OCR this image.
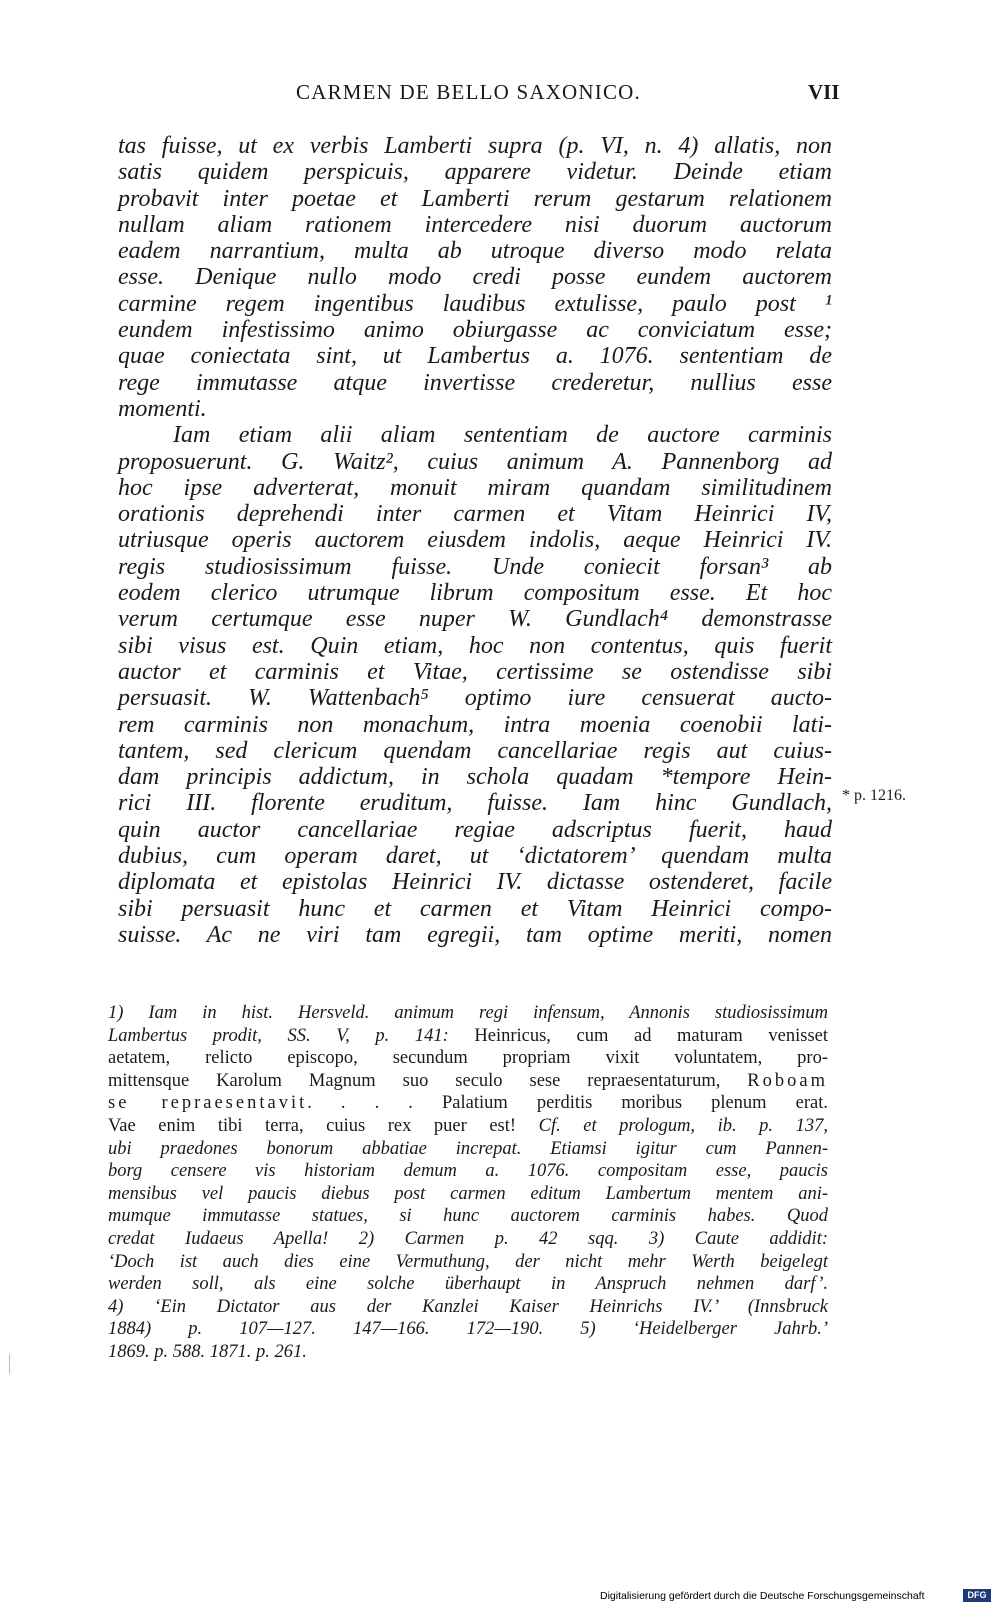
CARMEN DE BELLO SAXONICO.	VII
tas fuisse, ut ex verbis Lamberti supra (p. VI, n. 4) allatis, non
satis quidem perspicuis, apparere videtur. Deinde etiam
probavit inter poetae et Lamberti rerum gestarum relationem
nullam aliam rationem intercedere nisi duorum auctorum
eadem narrantium, multa ab utroque diverso modo relata
esse. Denique nullo modo credi posse eundem auctorem
carmine regem ingentibus laudibus extulisse, paulo post ¹
eundem infestissimo animo obiurgasse ac conviciatum esse;
quae coniectata sint, ut Lambertus a. 1076. sententiam de
rege immutasse atque invertisse crederetur, nullius esse
momenti.
Iam etiam alii aliam sententiam de auctore carminis
proposuerunt. G. Waitz², cuius animum A. Pannenborg ad
hoc ipse adverterat, monuit miram quandam similitudinem
orationis deprehendi inter carmen et Vitam Heinrici IV,
utriusque operis auctorem eiusdem indolis, aeque Heinrici IV.
regis studiosissimum fuisse. Unde coniecit forsan³ ab
eodem clerico utrumque librum compositum esse. Et hoc
verum certumque esse nuper W. Gundlach⁴ demonstrasse
sibi visus est. Quin etiam, hoc non contentus, quis fuerit
auctor et carminis et Vitae, certissime se ostendisse sibi
persuasit. W. Wattenbach⁵ optimo iure censuerat aucto-
rem carminis non monachum, intra moenia coenobii lati-
tantem, sed clericum quendam cancellariae regis aut cuius-
dam principis addictum, in schola quadam *tempore Hein-
rici III. florente eruditum, fuisse. Iam hinc Gundlach,
quin auctor cancellariae regiae adscriptus fuerit, haud
dubius, cum operam daret, ut ‘dictatorem’ quendam multa
diplomata et epistolas Heinrici IV. dictasse ostenderet, facile
sibi persuasit hunc et carmen et Vitam Heinrici compo-
suisse. Ac ne viri tam egregii, tam optime meriti, nomen
* p. 1216.
1) Iam in hist. Hersveld. animum regi infensum, Annonis studiosissimum
Lambertus prodit, SS. V, p. 141: Heinricus, cum ad maturam venisset
aetatem, relicto episcopo, secundum propriam vixit voluntatem, pro-
mittensque Karolum Magnum suo seculo sese repraesentaturum, Roboam
se repraesentavit. . . . Palatium perditis moribus plenum erat.
Vae enim tibi terra, cuius rex puer est! Cf. et prologum, ib. p. 137,
ubi praedones bonorum abbatiae increpat. Etiamsi igitur cum Pannen-
borg censere vis historiam demum a. 1076. compositam esse, paucis
mensibus vel paucis diebus post carmen editum Lambertum mentem ani-
mumque immutasse statues, si hunc auctorem carminis habes. Quod
credat Iudaeus Apella! 2) Carmen p. 42 sqq. 3) Caute addidit:
‘Doch ist auch dies eine Vermuthung, der nicht mehr Werth beigelegt
werden soll, als eine solche überhaupt in Anspruch nehmen darf’.
4) ‘Ein Dictator aus der Kanzlei Kaiser Heinrichs IV.’ (Innsbruck
1884) p. 107—127. 147—166. 172—190. 5) ‘Heidelberger Jahrb.’
1869. p. 588. 1871. p. 261.
Digitalisierung gefördert durch die Deutsche Forschungsgemeinschaft	DFG
